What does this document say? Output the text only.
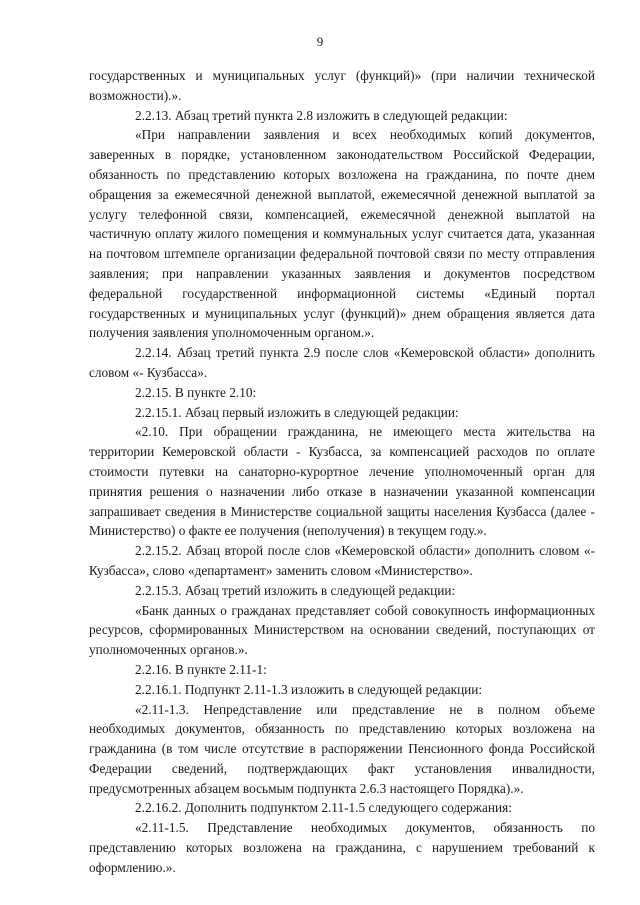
9

государственных и муниципальных услуг (функций)» (при наличии технической возможности).».

2.2.13. Абзац третий пункта 2.8 изложить в следующей редакции:

«При направлении заявления и всех необходимых копий документов, заверенных в порядке, установленном законодательством Российской Федерации, обязанность по представлению которых возложена на гражданина, по почте днем обращения за ежемесячной денежной выплатой, ежемесячной денежной выплатой за услугу телефонной связи, компенсацией, ежемесячной денежной выплатой на частичную оплату жилого помещения и коммунальных услуг считается дата, указанная на почтовом штемпеле организации федеральной почтовой связи по месту отправления заявления; при направлении указанных заявления и документов посредством федеральной государственной информационной системы «Единый портал государственных и муниципальных услуг (функций)» днем обращения является дата получения заявления уполномоченным органом.».

2.2.14. Абзац третий пункта 2.9 после слов «Кемеровской области» дополнить словом «- Кузбасса».

2.2.15. В пункте 2.10:

2.2.15.1. Абзац первый изложить в следующей редакции:

«2.10. При обращении гражданина, не имеющего места жительства на территории Кемеровской области - Кузбасса, за компенсацией расходов по оплате стоимости путевки на санаторно-курортное лечение уполномоченный орган для принятия решения о назначении либо отказе в назначении указанной компенсации запрашивает сведения в Министерстве социальной защиты населения Кузбасса (далее - Министерство) о факте ее получения (неполучения) в текущем году.».

2.2.15.2. Абзац второй после слов «Кемеровской области» дополнить словом «- Кузбасса», слово «департамент» заменить словом «Министерство».

2.2.15.3. Абзац третий изложить в следующей редакции:

«Банк данных о гражданах представляет собой совокупность информационных ресурсов, сформированных Министерством на основании сведений, поступающих от уполномоченных органов.».

2.2.16. В пункте 2.11-1:

2.2.16.1. Подпункт 2.11-1.3 изложить в следующей редакции:

«2.11-1.3. Непредставление или представление не в полном объеме необходимых документов, обязанность по представлению которых возложена на гражданина (в том числе отсутствие в распоряжении Пенсионного фонда Российской Федерации сведений, подтверждающих факт установления инвалидности, предусмотренных абзацем восьмым подпункта 2.6.3 настоящего Порядка).».

2.2.16.2. Дополнить подпунктом 2.11-1.5 следующего содержания:

«2.11-1.5. Представление необходимых документов, обязанность по представлению которых возложена на гражданина, с нарушением требований к оформлению.».
